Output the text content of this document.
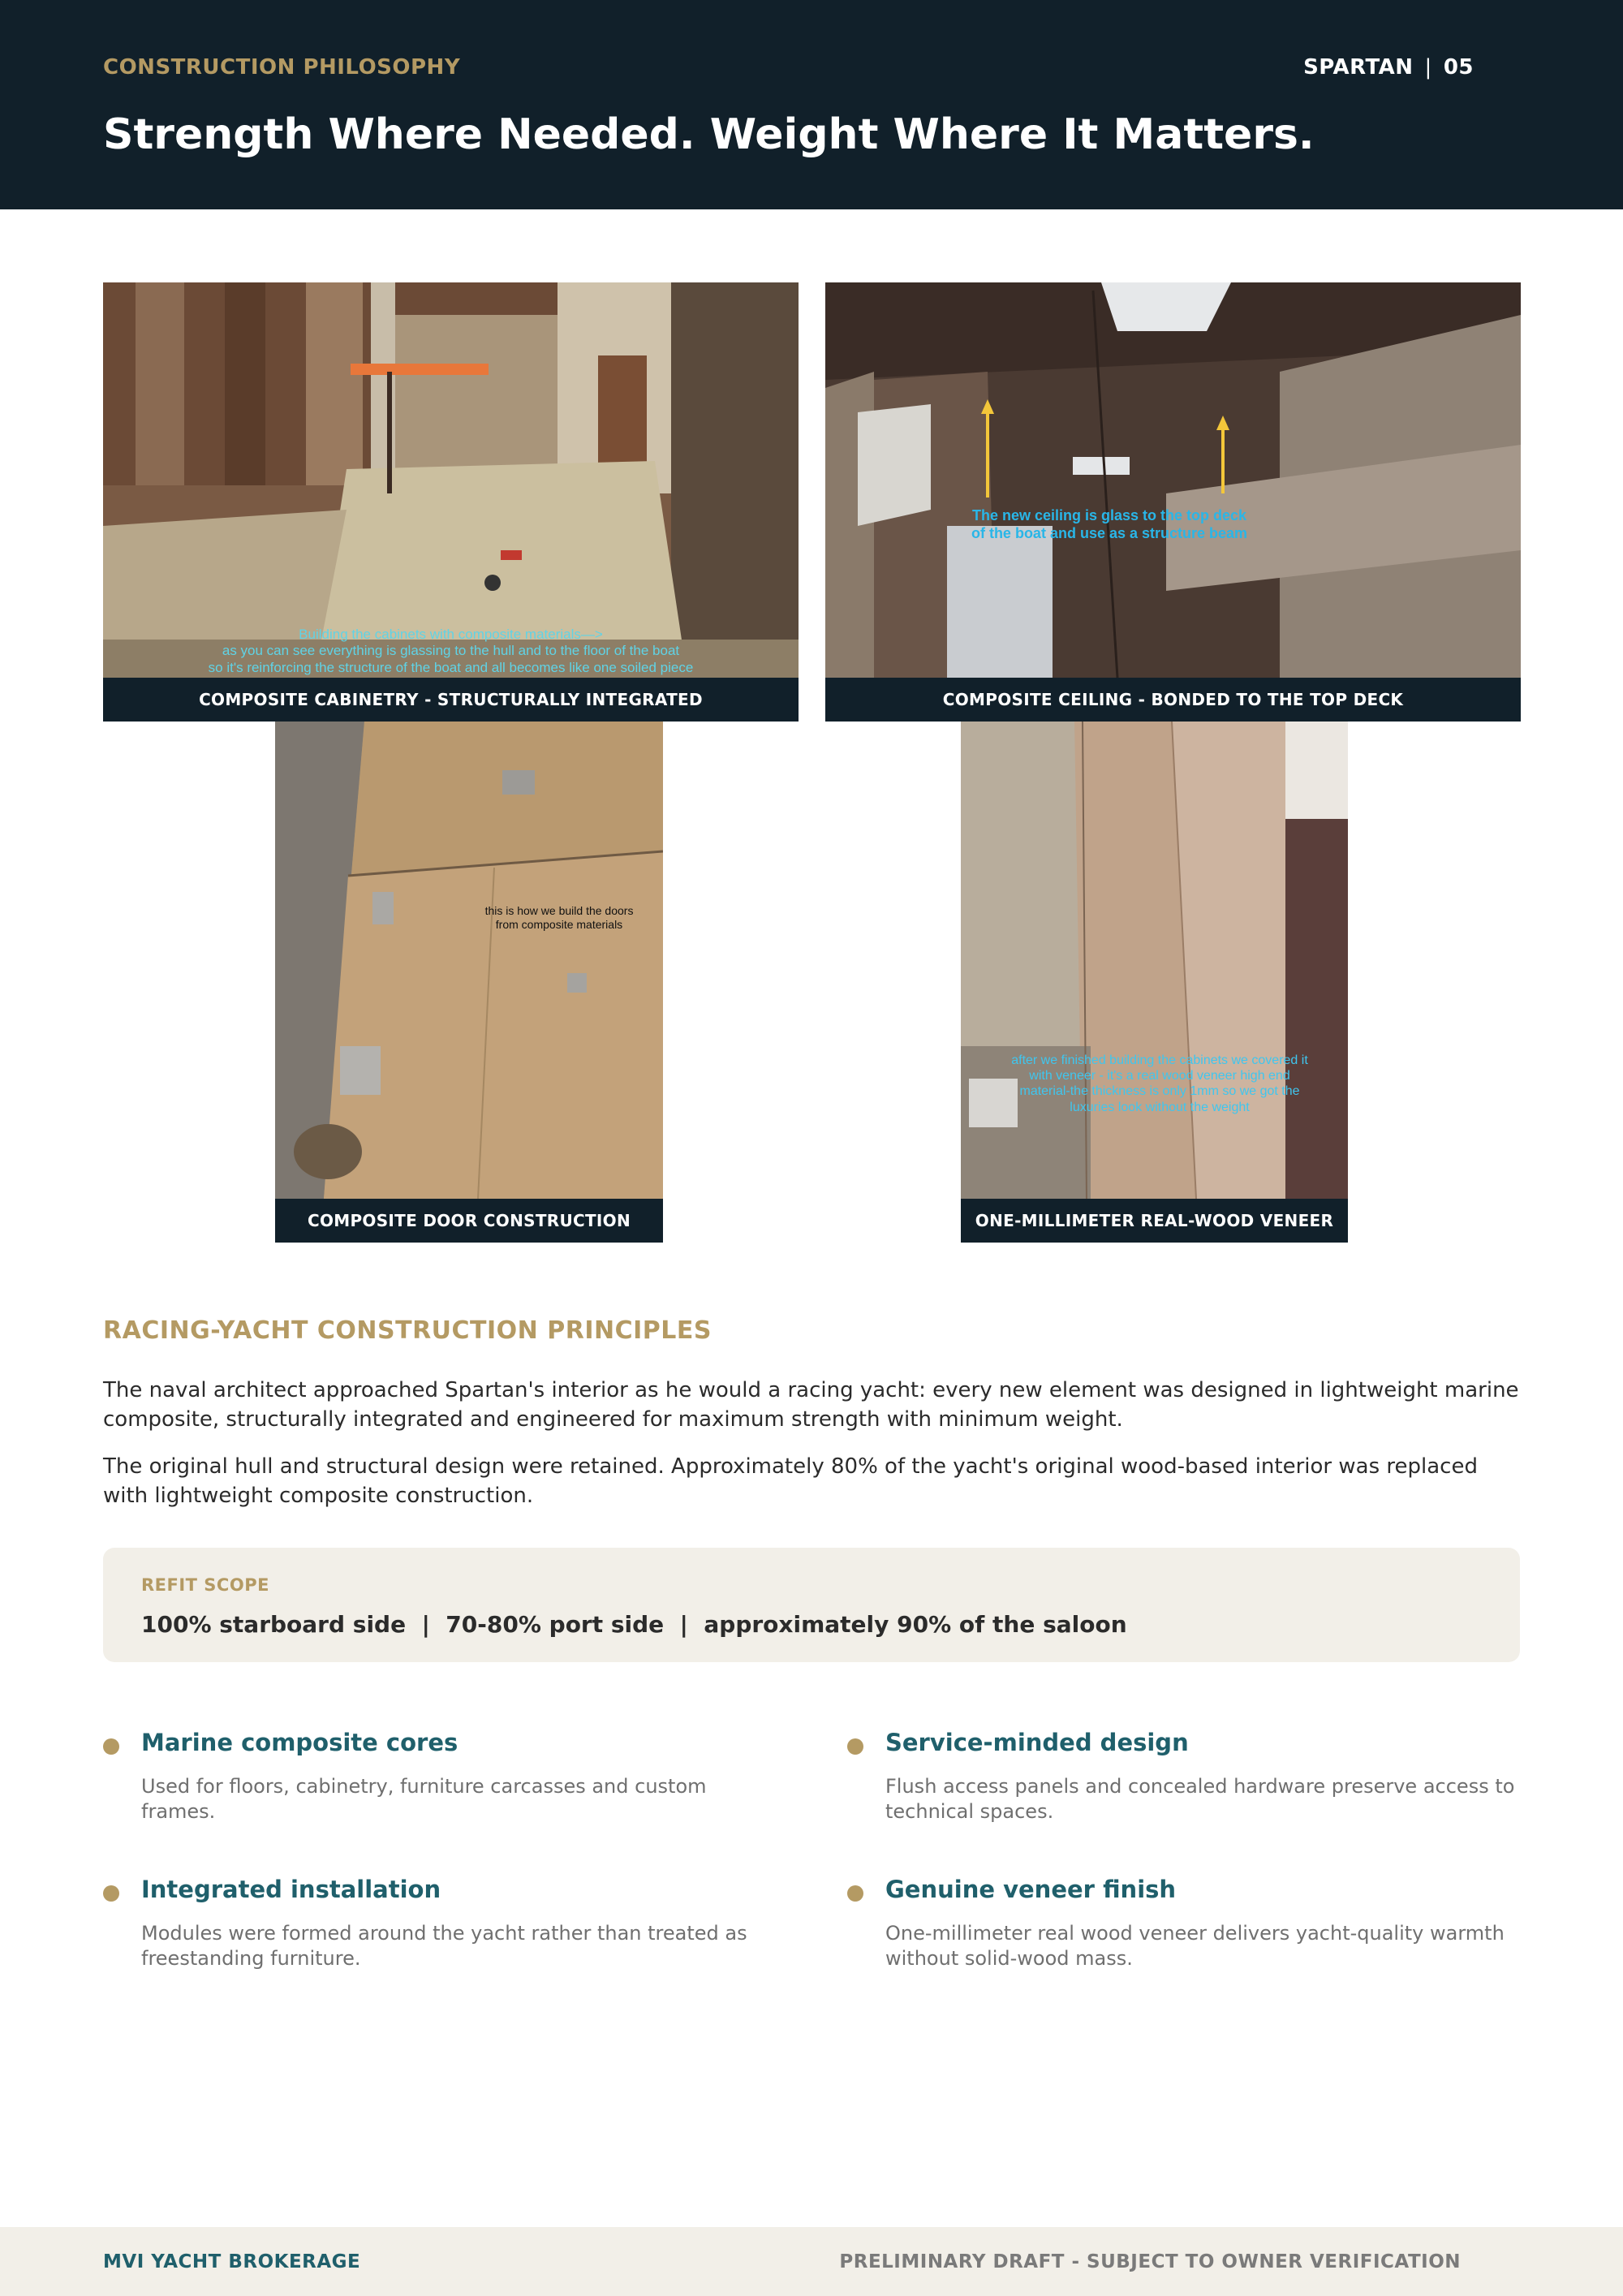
CONSTRUCTION PHILOSOPHY	SPARTAN | 05
Strength Where Needed. Weight Where It Matters.
Building the cabinets with composite materials—>
as you can see everything is glassing to the hull and to the floor of the boat
so it's reinforcing the structure of the boat and all becomes like one soiled piece
COMPOSITE CABINETRY - STRUCTURALLY INTEGRATED
The new ceiling is glass to the top deck
of the boat and use as a structure beam
COMPOSITE CEILING - BONDED TO THE TOP DECK
this is how we build the doors
from composite materials
COMPOSITE DOOR CONSTRUCTION
after we finished building the cabinets we covered it
with veneer - it's a real wood veneer high end
material-the thickness is only 1mm so we got the
luxuries look without the weight
ONE-MILLIMETER REAL-WOOD VENEER
RACING-YACHT CONSTRUCTION PRINCIPLES

The naval architect approached Spartan's interior as he would a racing yacht: every new element was designed in lightweight marine composite, structurally integrated and engineered for maximum strength with minimum weight.

The original hull and structural design were retained. Approximately 80% of the yacht's original wood-based interior was replaced with lightweight composite construction.

REFIT SCOPE
100% starboard side  |  70-80% port side  |  approximately 90% of the saloon
Marine composite cores

Used for floors, cabinetry, furniture carcasses and custom frames.

Service-minded design

Flush access panels and concealed hardware preserve access to technical spaces.

Integrated installation

Modules were formed around the yacht rather than treated as freestanding furniture.

Genuine veneer finish

One-millimeter real wood veneer delivers yacht-quality warmth without solid-wood mass.

MVI YACHT BROKERAGE	PRELIMINARY DRAFT - SUBJECT TO OWNER VERIFICATION
